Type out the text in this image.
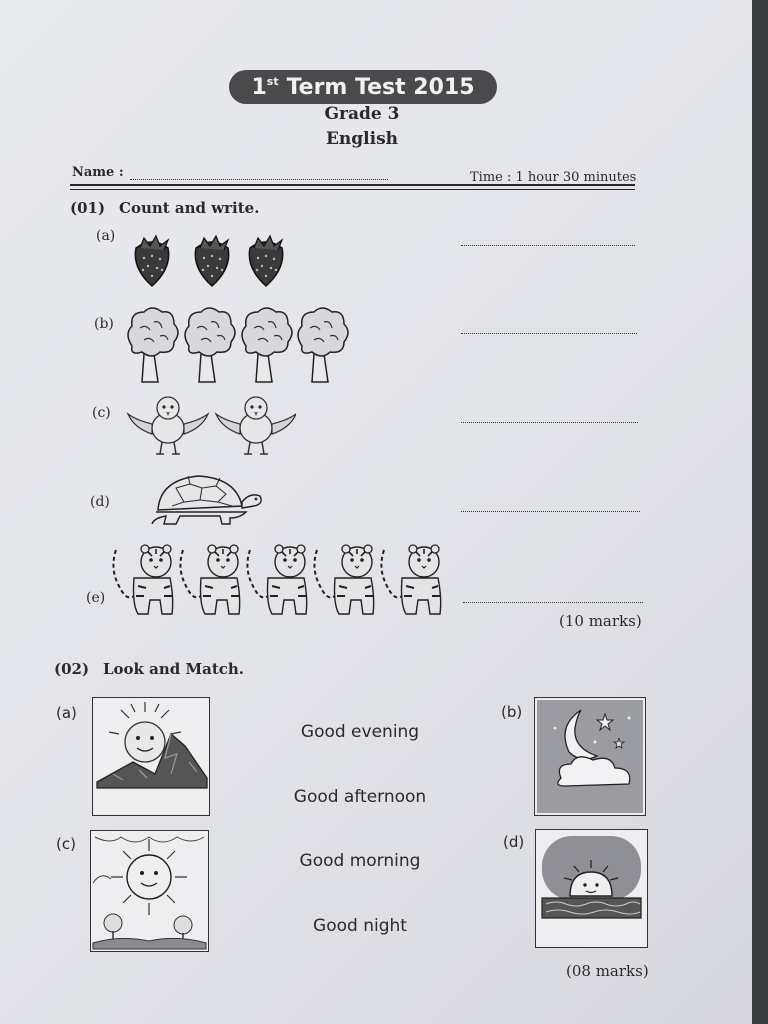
1st Term Test 2015
Grade 3
English
Name :	Time : 1 hour 30 minutes
(01) Count and write.
(a)
(b)
(c)
(d)
(e)
(10 marks)
(02) Look and Match.
(a)	(b)
(c)	(d)
Good evening
Good afternoon
Good morning
Good night
(08 marks)
